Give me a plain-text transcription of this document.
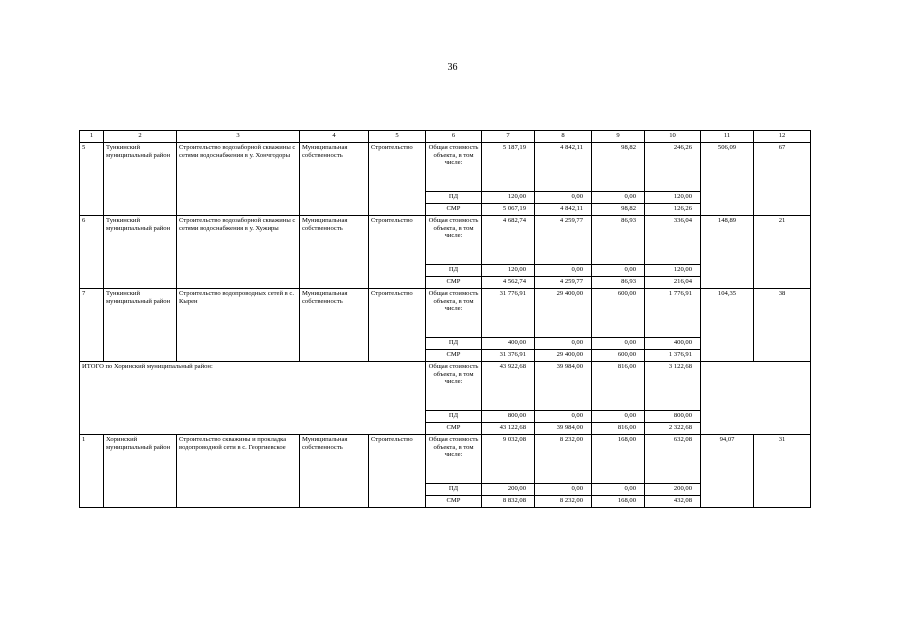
36
1	2	3	4	5	6	7	8	9	10	11	12
5	Тункинский муниципальный район	Строительство водозаборной скважины с сетями водоснабжения в у. Хончгодоры	Муниципальная собственность	Строительство	Общая стоимость объекта, в том числе:	5 187,19	4 842,11	98,82	246,26	506,09	67
					ПД	120,00	0,00	0,00	120,00		
					СМР	5 067,19	4 842,11	98,82	126,26		
6	Тункинский муниципальный район	Строительство водозаборной скважины с сетями водоснабжения в у. Хужиры	Муниципальная собственность	Строительство	Общая стоимость объекта, в том числе:	4 682,74	4 259,77	86,93	336,04	148,89	21
					ПД	120,00	0,00	0,00	120,00		
					СМР	4 562,74	4 259,77	86,93	216,04		
7	Тункинский муниципальный район	Строительство водопроводных сетей в с. Кырен	Муниципальная собственность	Строительство	Общая стоимость объекта, в том числе:	31 776,91	29 400,00	600,00	1 776,91	104,35	38
					ПД	400,00	0,00	0,00	400,00		
					СМР	31 376,91	29 400,00	600,00	1 376,91		
ИТОГО по Хоринский муниципальный район:					Общая стоимость объекта, в том числе:	43 922,68	39 984,00	816,00	3 122,68		
					ПД	800,00	0,00	0,00	800,00		
					СМР	43 122,68	39 984,00	816,00	2 322,68		
1	Хоринский муниципальный район	Строительство скважины и прокладка водопроводной сети в с. Георгиевское	Муниципальная собственность	Строительство	Общая стоимость объекта, в том числе:	9 032,08	8 232,00	168,00	632,08	94,07	31
					ПД	200,00	0,00	0,00	200,00		
					СМР	8 832,08	8 232,00	168,00	432,08		
